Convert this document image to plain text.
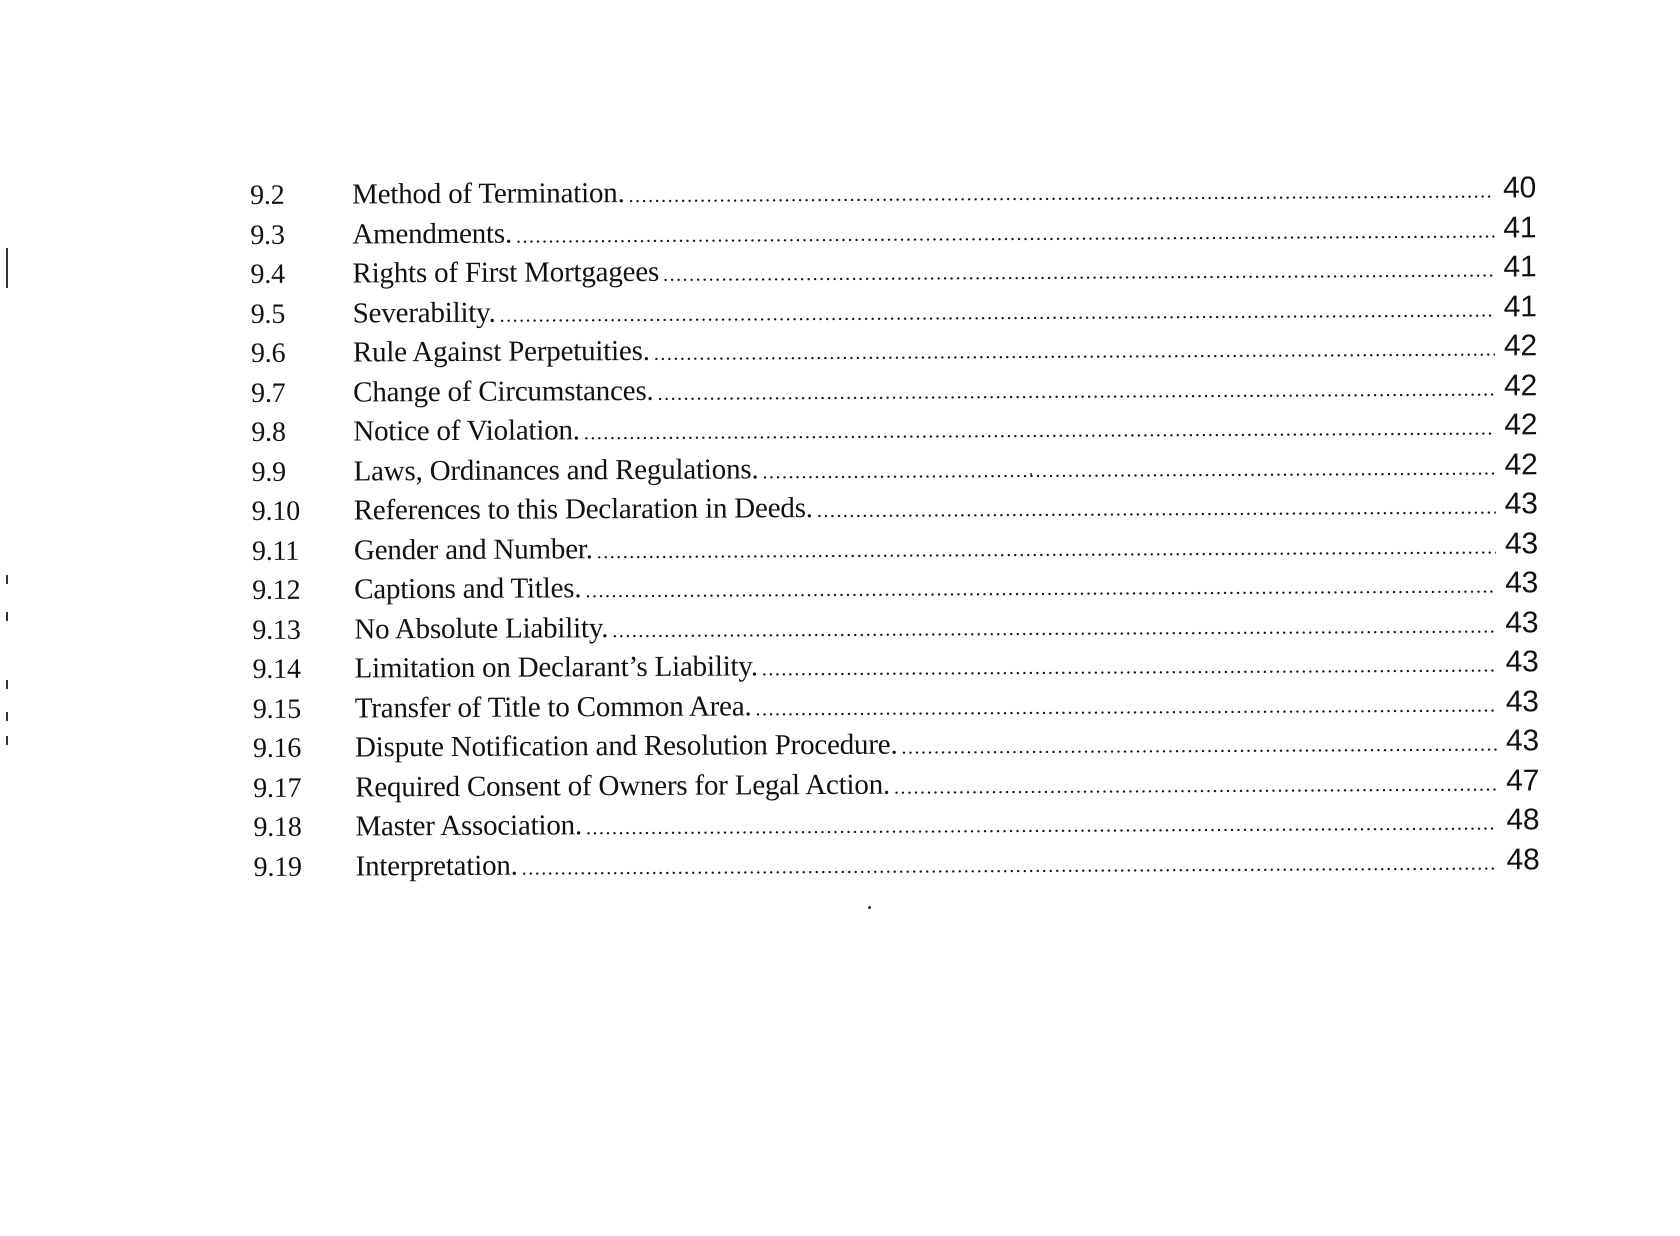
9.2	Method of Termination. .....	40
9.3	Amendments. .....	41
9.4	Rights of First Mortgagees .....	41
9.5	Severability. .....	41
9.6	Rule Against Perpetuities. .....	42
9.7	Change of Circumstances. .....	42
9.8	Notice of Violation. .....	42
9.9	Laws, Ordinances and Regulations. .....	42
9.10	References to this Declaration in Deeds. .....	43
9.11	Gender and Number. .....	43
9.12	Captions and Titles. .....	43
9.13	No Absolute Liability. .....	43
9.14	Limitation on Declarant’s Liability. .....	43
9.15	Transfer of Title to Common Area. .....	43
9.16	Dispute Notification and Resolution Procedure. .....	43
9.17	Required Consent of Owners for Legal Action. .....	47
9.18	Master Association. .....	48
9.19	Interpretation. .....	48
